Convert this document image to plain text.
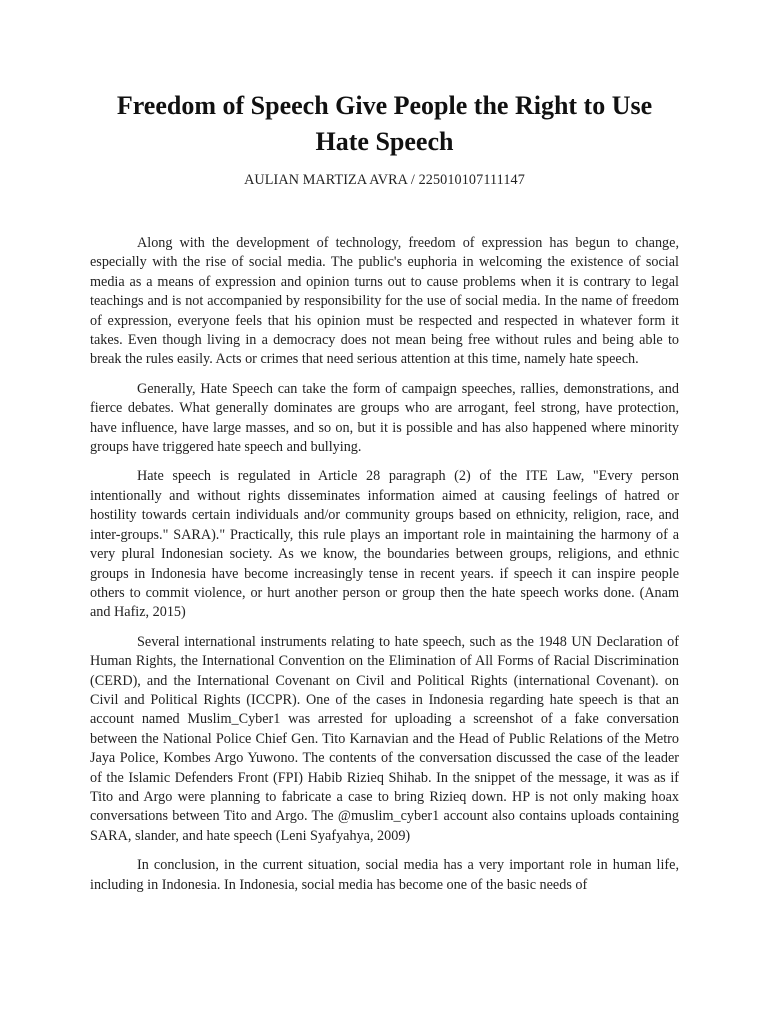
Freedom of Speech Give People the Right to Use Hate Speech
AULIAN MARTIZA AVRA / 225010107111147

Along with the development of technology, freedom of expression has begun to change, especially with the rise of social media. The public's euphoria in welcoming the existence of social media as a means of expression and opinion turns out to cause problems when it is contrary to legal teachings and is not accompanied by responsibility for the use of social media. In the name of freedom of expression, everyone feels that his opinion must be respected and respected in whatever form it takes. Even though living in a democracy does not mean being free without rules and being able to break the rules easily. Acts or crimes that need serious attention at this time, namely hate speech.

Generally, Hate Speech can take the form of campaign speeches, rallies, demonstrations, and fierce debates. What generally dominates are groups who are arrogant, feel strong, have protection, have influence, have large masses, and so on, but it is possible and has also happened where minority groups have triggered hate speech and bullying.

Hate speech is regulated in Article 28 paragraph (2) of the ITE Law, "Every person intentionally and without rights disseminates information aimed at causing feelings of hatred or hostility towards certain individuals and/or community groups based on ethnicity, religion, race, and inter-groups." SARA)." Practically, this rule plays an important role in maintaining the harmony of a very plural Indonesian society. As we know, the boundaries between groups, religions, and ethnic groups in Indonesia have become increasingly tense in recent years. if speech it can inspire people others to commit violence, or hurt another person or group then the hate speech works done. (Anam and Hafiz, 2015)

Several international instruments relating to hate speech, such as the 1948 UN Declaration of Human Rights, the International Convention on the Elimination of All Forms of Racial Discrimination (CERD), and the International Covenant on Civil and Political Rights (international Covenant). on Civil and Political Rights (ICCPR). One of the cases in Indonesia regarding hate speech is that an account named Muslim_Cyber1 was arrested for uploading a screenshot of a fake conversation between the National Police Chief Gen. Tito Karnavian and the Head of Public Relations of the Metro Jaya Police, Kombes Argo Yuwono. The contents of the conversation discussed the case of the leader of the Islamic Defenders Front (FPI) Habib Rizieq Shihab. In the snippet of the message, it was as if Tito and Argo were planning to fabricate a case to bring Rizieq down. HP is not only making hoax conversations between Tito and Argo. The @muslim_cyber1 account also contains uploads containing SARA, slander, and hate speech (Leni Syafyahya, 2009)

In conclusion, in the current situation, social media has a very important role in human life, including in Indonesia. In Indonesia, social media has become one of the basic needs of
